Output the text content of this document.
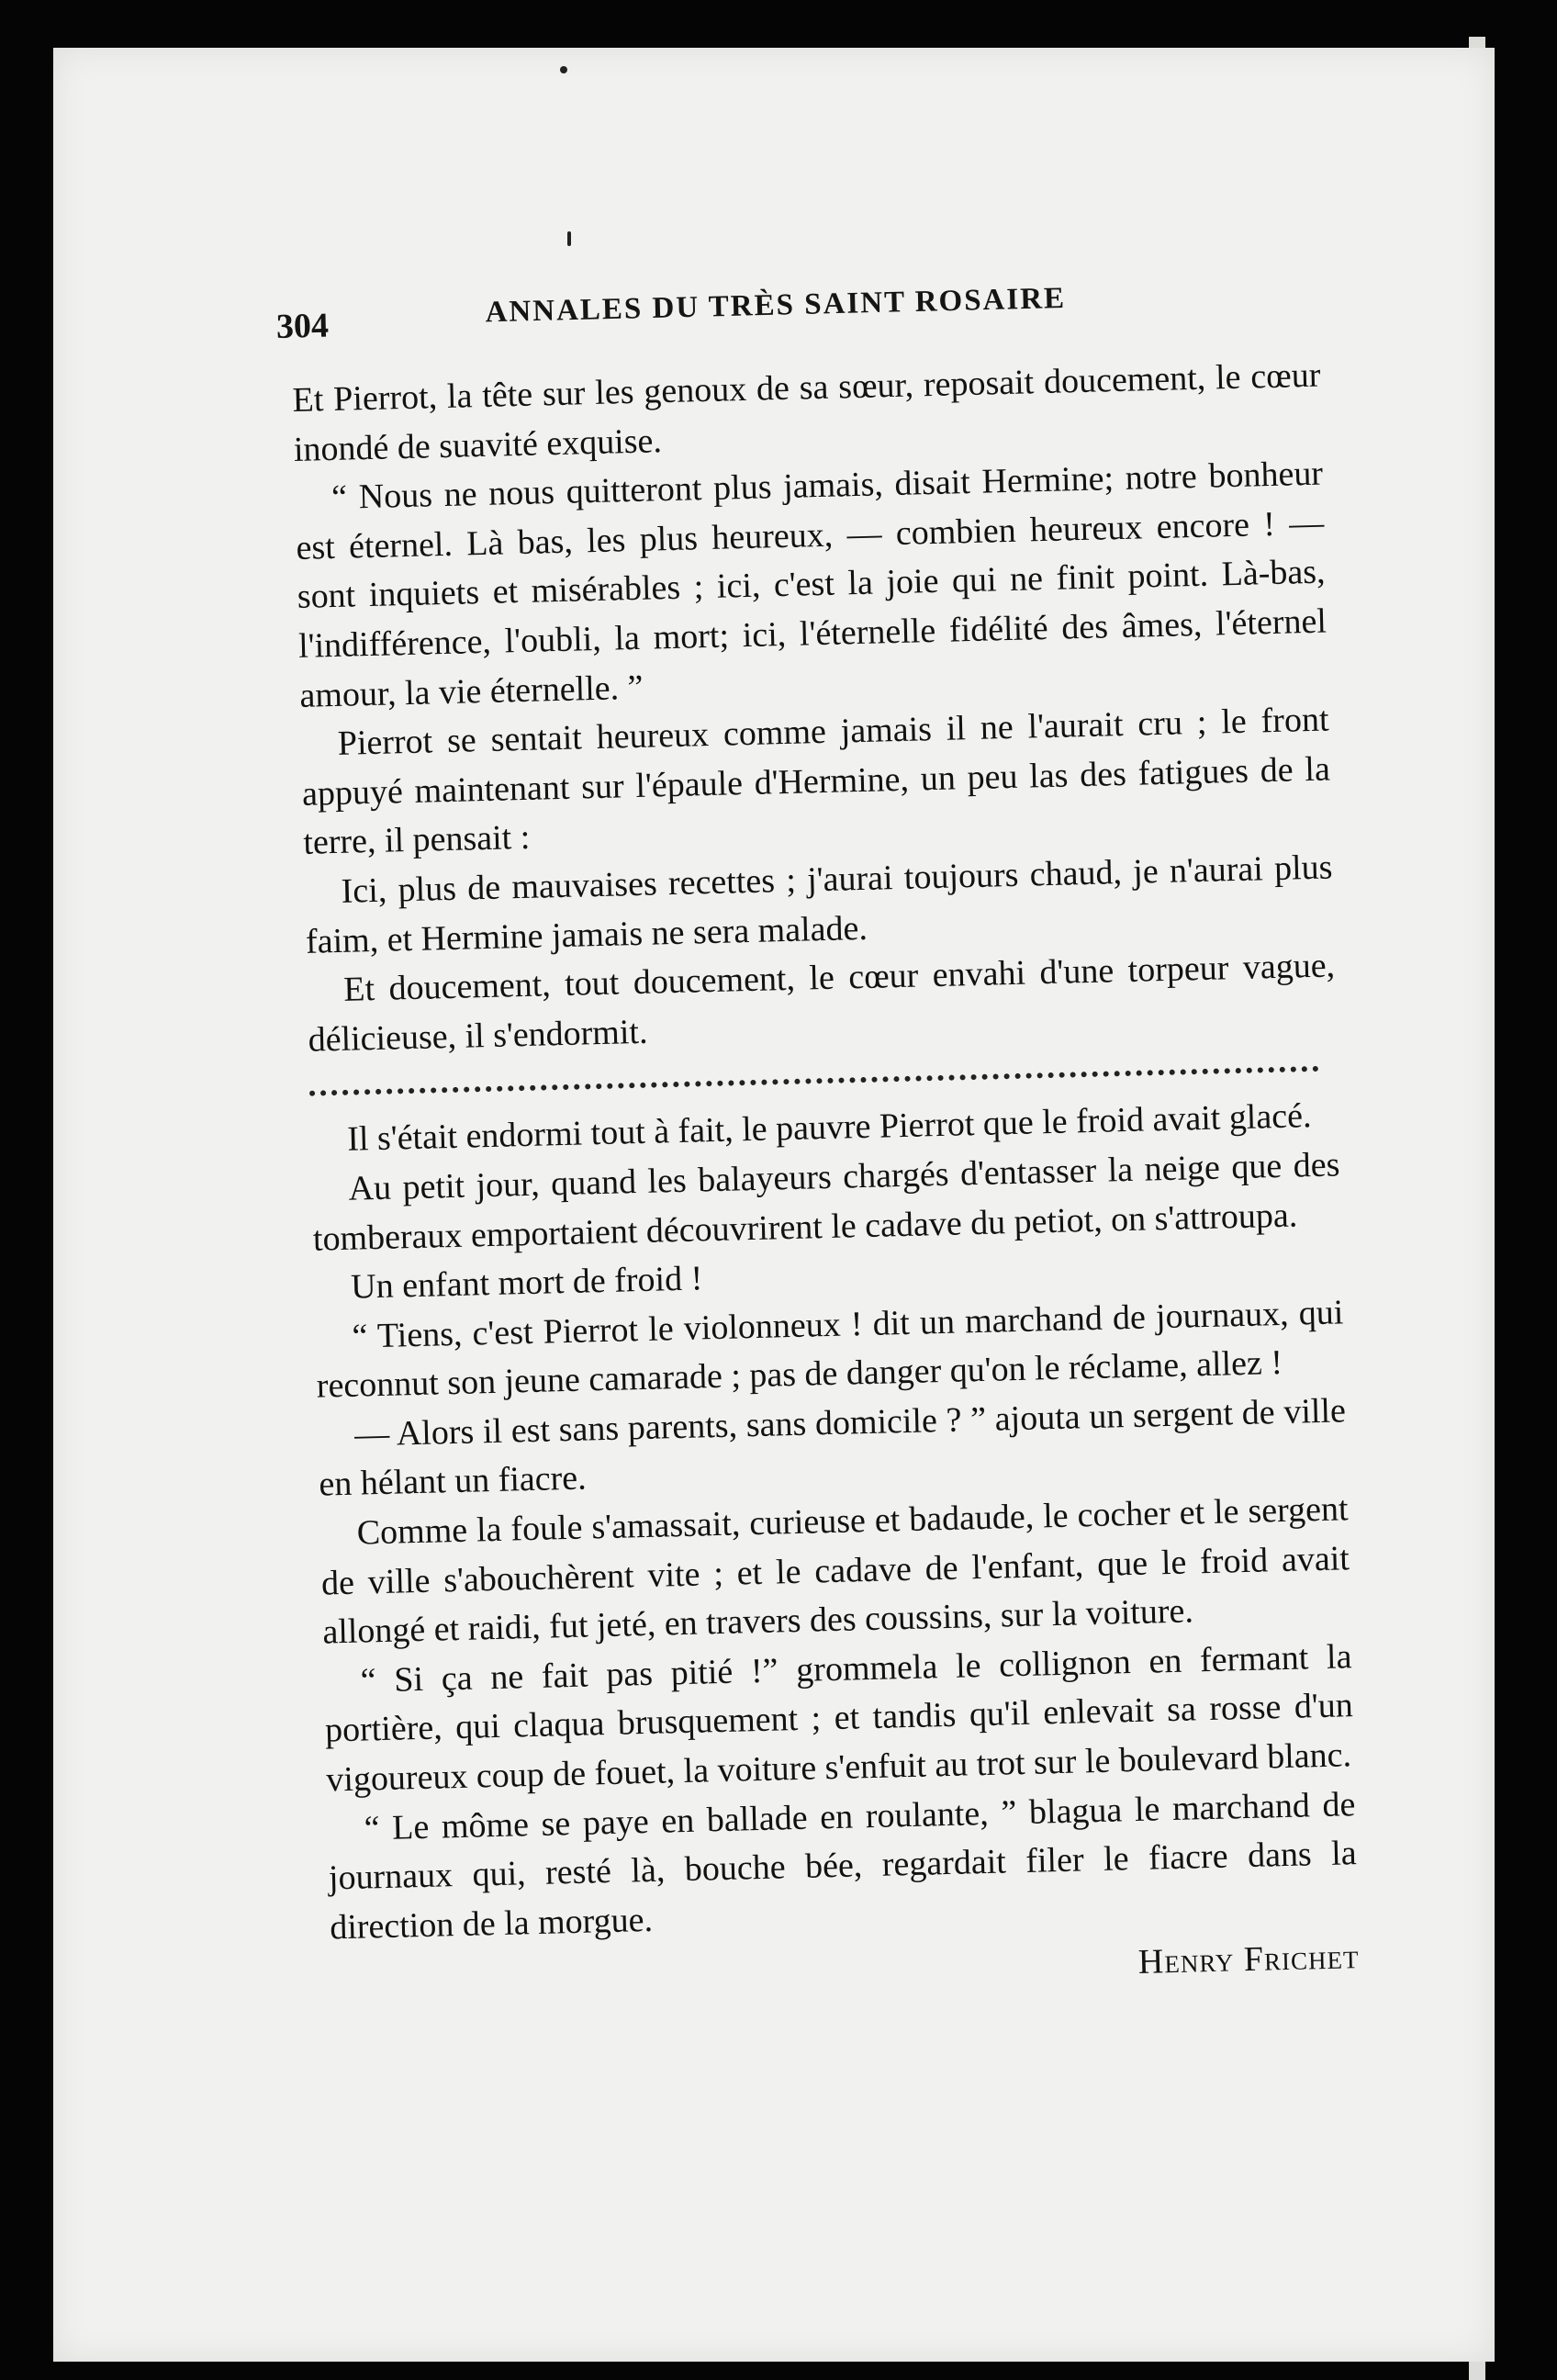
304	ANNALES DU TRÈS SAINT ROSAIRE

Et Pierrot, la tête sur les genoux de sa sœur, reposait doucement, le cœur inondé de suavité exquise.

“ Nous ne nous quitteront plus jamais, disait Hermine; notre bonheur est éternel. Là bas, les plus heureux, — combien heureux encore ! — sont inquiets et misérables ; ici, c'est la joie qui ne finit point. Là-bas, l'indifférence, l'oubli, la mort; ici, l'éternelle fidélité des âmes, l'éternel amour, la vie éternelle. ”

Pierrot se sentait heureux comme jamais il ne l'aurait cru ; le front appuyé maintenant sur l'épaule d'Hermine, un peu las des fatigues de la terre, il pensait :

Ici, plus de mauvaises recettes ; j'aurai toujours chaud, je n'aurai plus faim, et Hermine jamais ne sera malade.

Et doucement, tout doucement, le cœur envahi d'une torpeur vague, délicieuse, il s'endormit.

Il s'était endormi tout à fait, le pauvre Pierrot que le froid avait glacé.

Au petit jour, quand les balayeurs chargés d'entasser la neige que des tomberaux emportaient découvrirent le cadave du petiot, on s'attroupa.

Un enfant mort de froid !

“ Tiens, c'est Pierrot le violonneux ! dit un marchand de journaux, qui reconnut son jeune camarade ; pas de danger qu'on le réclame, allez !

— Alors il est sans parents, sans domicile ? ” ajouta un sergent de ville en hélant un fiacre.

Comme la foule s'amassait, curieuse et badaude, le cocher et le sergent de ville s'abouchèrent vite ; et le cadave de l'enfant, que le froid avait allongé et raidi, fut jeté, en travers des coussins, sur la voiture.

“ Si ça ne fait pas pitié !” grommela le collignon en fermant la portière, qui claqua brusquement ; et tandis qu'il enlevait sa rosse d'un vigoureux coup de fouet, la voiture s'enfuit au trot sur le boulevard blanc.

“ Le môme se paye en ballade en roulante, ” blagua le marchand de journaux qui, resté là, bouche bée, regardait filer le fiacre dans la direction de la morgue.

Henry Frichet
